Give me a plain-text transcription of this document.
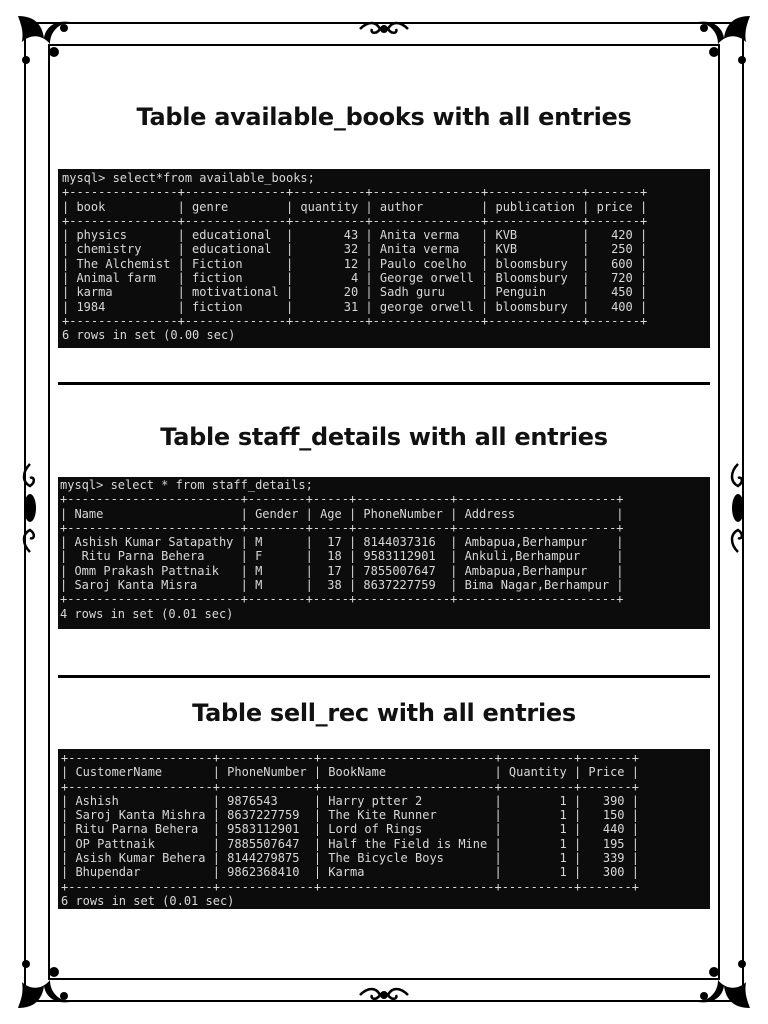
Table available_books with all entries
mysql> select*from available_books;
+---------------+--------------+----------+---------------+-------------+-------+
| book          | genre        | quantity | author        | publication | price |
+---------------+--------------+----------+---------------+-------------+-------+
| physics       | educational  |       43 | Anita verma   | KVB         |   420 |
| chemistry     | educational  |       32 | Anita verma   | KVB         |   250 |
| The Alchemist | Fiction      |       12 | Paulo coelho  | bloomsbury  |   600 |
| Animal farm   | fiction      |        4 | George orwell | Bloomsbury  |   720 |
| karma         | motivational |       20 | Sadh guru     | Penguin     |   450 |
| 1984          | fiction      |       31 | george orwell | bloomsbury  |   400 |
+---------------+--------------+----------+---------------+-------------+-------+
6 rows in set (0.00 sec)
Table staff_details with all entries
mysql> select * from staff_details;
+------------------------+--------+-----+-------------+----------------------+
| Name                   | Gender | Age | PhoneNumber | Address              |
+------------------------+--------+-----+-------------+----------------------+
| Ashish Kumar Satapathy | M      |  17 | 8144037316  | Ambapua,Berhampur    |
|  Ritu Parna Behera     | F      |  18 | 9583112901  | Ankuli,Berhampur     |
| Omm Prakash Pattnaik   | M      |  17 | 7855007647  | Ambapua,Berhampur    |
| Saroj Kanta Misra      | M      |  38 | 8637227759  | Bima Nagar,Berhampur |
+------------------------+--------+-----+-------------+----------------------+
4 rows in set (0.01 sec)
Table sell_rec with all entries
+--------------------+-------------+------------------------+----------+-------+
| CustomerName       | PhoneNumber | BookName               | Quantity | Price |
+--------------------+-------------+------------------------+----------+-------+
| Ashish             | 9876543     | Harry ptter 2          |        1 |   390 |
| Saroj Kanta Mishra | 8637227759  | The Kite Runner        |        1 |   150 |
| Ritu Parna Behera  | 9583112901  | Lord of Rings          |        1 |   440 |
| OP Pattnaik        | 7885507647  | Half the Field is Mine |        1 |   195 |
| Asish Kumar Behera | 8144279875  | The Bicycle Boys       |        1 |   339 |
| Bhupendar          | 9862368410  | Karma                  |        1 |   300 |
+--------------------+-------------+------------------------+----------+-------+
6 rows in set (0.01 sec)
